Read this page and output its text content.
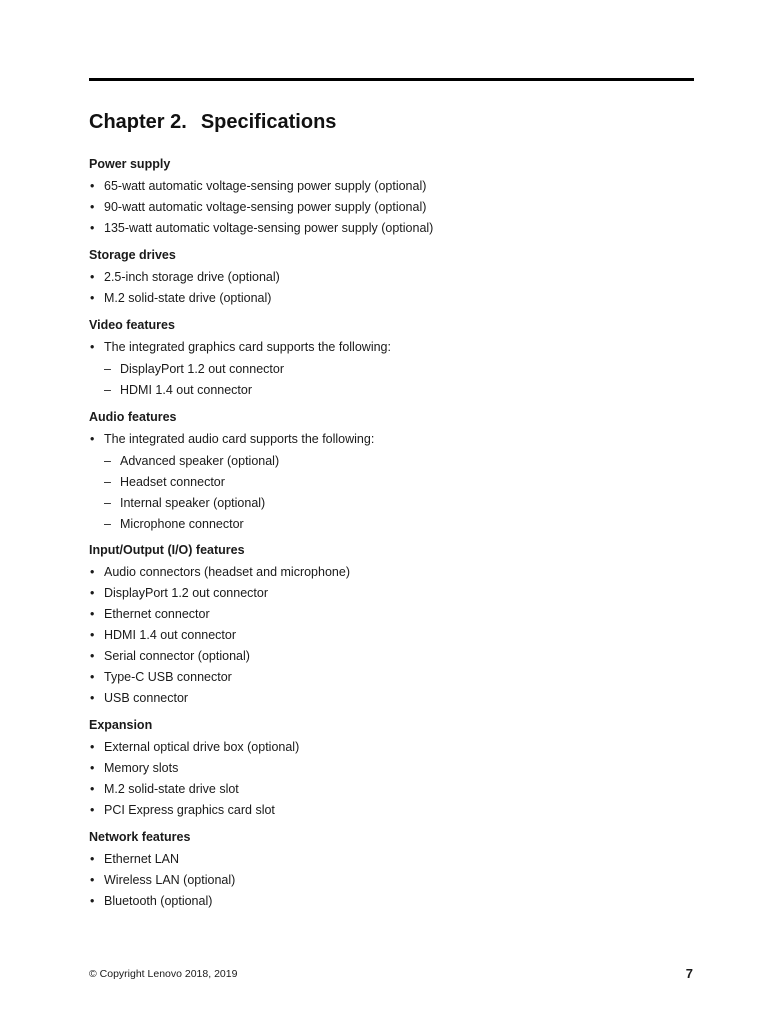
Chapter 2. Specifications
Power supply
• 65-watt automatic voltage-sensing power supply (optional)
• 90-watt automatic voltage-sensing power supply (optional)
• 135-watt automatic voltage-sensing power supply (optional)
Storage drives
• 2.5-inch storage drive (optional)
• M.2 solid-state drive (optional)
Video features
• The integrated graphics card supports the following:
– DisplayPort 1.2 out connector
– HDMI 1.4 out connector
Audio features
• The integrated audio card supports the following:
– Advanced speaker (optional)
– Headset connector
– Internal speaker (optional)
– Microphone connector
Input/Output (I/O) features
• Audio connectors (headset and microphone)
• DisplayPort 1.2 out connector
• Ethernet connector
• HDMI 1.4 out connector
• Serial connector (optional)
• Type-C USB connector
• USB connector
Expansion
• External optical drive box (optional)
• Memory slots
• M.2 solid-state drive slot
• PCI Express graphics card slot
Network features
• Ethernet LAN
• Wireless LAN (optional)
• Bluetooth (optional)
© Copyright Lenovo 2018, 2019	7
